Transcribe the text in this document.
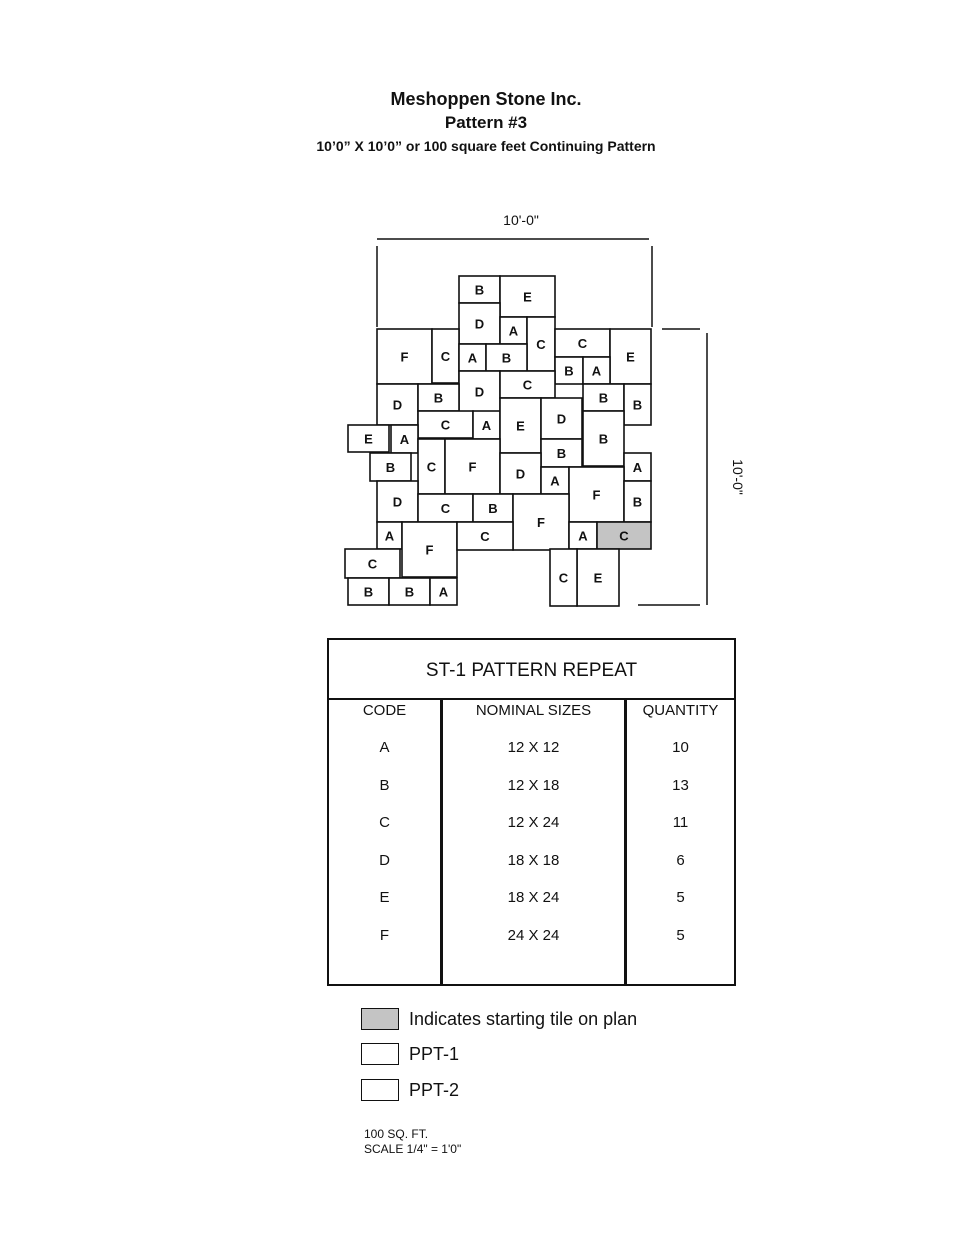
Meshoppen Stone Inc.
Pattern #3
10’0” X 10’0” or 100 square feet Continuing Pattern
10'-0"
10'-0"
B	E
D A
C
F C A B
C
E
B A
D	C
D B	B B
C A E D
B
A
E
C
B
F
B	A
D A
F B
D	C	B
F
A	A C
F
C
C
E
C
B B A
ST-1 PATTERN REPEAT
CODE	NOMINAL SIZES	QUANTITY
A	12 X 12	10
B	12 X 18	13
C	12 X 24	11
D	18 X 18	6
E	18 X 24	5
F	24 X 24	5
Indicates starting tile on plan
PPT-1
PPT-2
100 SQ. FT.
SCALE 1/4" = 1'0"
